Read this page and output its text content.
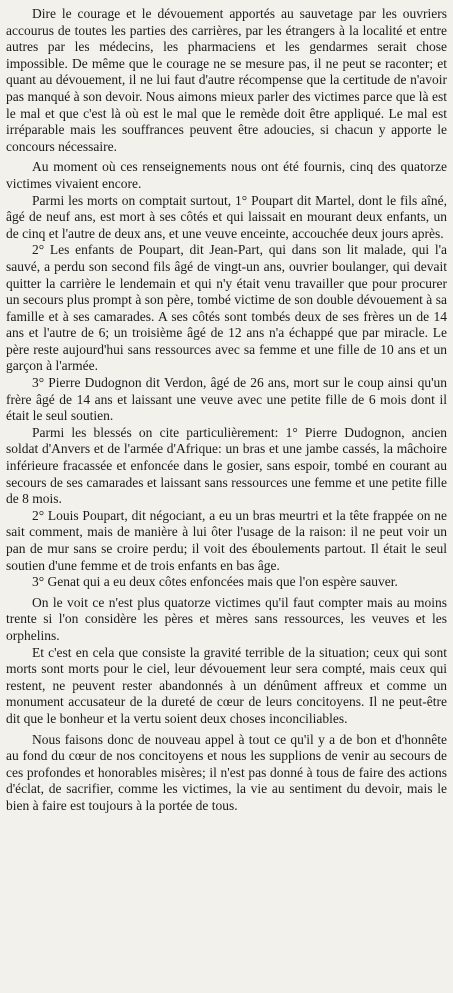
Dire le courage et le dévouement apportés au sauvetage par les ouvriers accourus de toutes les parties des carrières, par les étrangers à la localité et entre autres par les médecins, les pharmaciens et les gendarmes serait chose impossible. De même que le courage ne se mesure pas, il ne peut se raconter; et quant au dévouement, il ne lui faut d'autre récompense que la certitude de n'avoir pas manqué à son devoir. Nous aimons mieux parler des victimes parce que là est le mal et que c'est là où est le mal que le remède doit être appliqué. Le mal est irréparable mais les souffrances peuvent être adoucies, si chacun y apporte le concours nécessaire.

Au moment où ces renseignements nous ont été fournis, cinq des quatorze victimes vivaient encore.

Parmi les morts on comptait surtout, 1° Poupart dit Martel, dont le fils aîné, âgé de neuf ans, est mort à ses côtés et qui laissait en mourant deux enfants, un de cinq et l'autre de deux ans, et une veuve enceinte, accouchée deux jours après.

2° Les enfants de Poupart, dit Jean-Part, qui dans son lit malade, qui l'a sauvé, a perdu son second fils âgé de vingt-un ans, ouvrier boulanger, qui devait quitter la carrière le lendemain et qui n'y était venu travailler que pour procurer un secours plus prompt à son père, tombé victime de son double dévouement à sa famille et à ses camarades. A ses côtés sont tombés deux de ses frères un de 14 ans et l'autre de 6; un troisième âgé de 12 ans n'a échappé que par miracle. Le père reste aujourd'hui sans ressources avec sa femme et une fille de 10 ans et un garçon à l'armée.

3° Pierre Dudognon dit Verdon, âgé de 26 ans, mort sur le coup ainsi qu'un frère âgé de 14 ans et laissant une veuve avec une petite fille de 6 mois dont il était le seul soutien.

Parmi les blessés on cite particulièrement: 1° Pierre Dudognon, ancien soldat d'Anvers et de l'armée d'Afrique: un bras et une jambe cassés, la mâchoire inférieure fracassée et enfoncée dans le gosier, sans espoir, tombé en courant au secours de ses camarades et laissant sans ressources une femme et une petite fille de 8 mois.

2° Louis Poupart, dit négociant, a eu un bras meurtri et la tête frappée on ne sait comment, mais de manière à lui ôter l'usage de la raison: il ne peut voir un pan de mur sans se croire perdu; il voit des éboulements partout. Il était le seul soutien d'une femme et de trois enfants en bas âge.

3° Genat qui a eu deux côtes enfoncées mais que l'on espère sauver.

On le voit ce n'est plus quatorze victimes qu'il faut compter mais au moins trente si l'on considère les pères et mères sans ressources, les veuves et les orphelins.

Et c'est en cela que consiste la gravité terrible de la situation; ceux qui sont morts sont morts pour le ciel, leur dévouement leur sera compté, mais ceux qui restent, ne peuvent rester abandonnés à un dénûment affreux et comme un monument accusateur de la dureté de cœur de leurs concitoyens. Il ne peut-être dit que le bonheur et la vertu soient deux choses inconciliables.

Nous faisons donc de nouveau appel à tout ce qu'il y a de bon et d'honnête au fond du cœur de nos concitoyens et nous les supplions de venir au secours de ces profondes et honorables misères; il n'est pas donné à tous de faire des actions d'éclat, de sacrifier, comme les victimes, la vie au sentiment du devoir, mais le bien à faire est toujours à la portée de tous.
